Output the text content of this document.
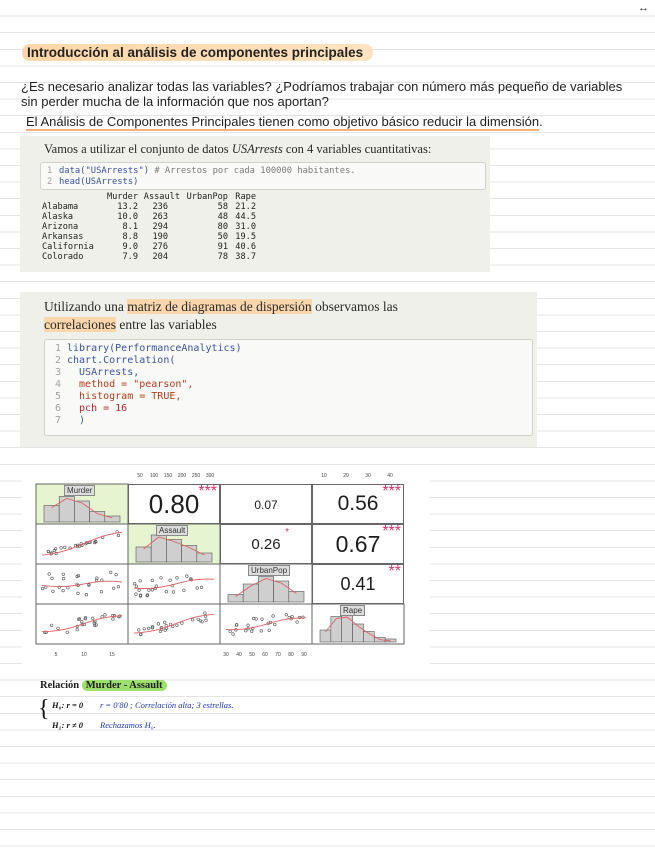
↔
Introducción al análisis de componentes principales
¿Es necesario analizar todas las variables? ¿Podríamos trabajar con número más pequeño de variables sin perder mucha de la información que nos aportan?
El Análisis de Componentes Principales tienen como objetivo básico reducir la dimensión.
Vamos a utilizar el conjunto de datos USArrests con 4 variables cuantitativas:
1 data("USArrests") # Arrestos por cada 100000 habitantes.
2 head(USArrests)
	Murder	Assault	UrbanPop	Rape
Alabama	13.2	236	58	21.2
Alaska	10.0	263	48	44.5
Arizona	8.1	294	80	31.0
Arkansas	8.8	190	50	19.5
California	9.0	276	91	40.6
Colorado	7.9	204	78	38.7
Utilizando una matriz de diagramas de dispersión observamos las
correlaciones entre las variables
1 library(PerformanceAnalytics)
2 chart.Correlation(
3  USArrests,
4  method = "pearson",
5  histogram = TRUE,
6  pch = 16
7  )
50 100 150 200 250 300	10	20	30	40
5	10	15	30 40 50 60 70 80 90
0.80 ***
0.07	0.56
***
0.26
*	0.67 ***
0.41
**
Murder
Assault
UrbanPop
Rape
Relación Murder - Assault
{ H₀: r = 0 r = 0'80 ; Correlación alta; 3 estrellas.
H₁: r ≠ 0 Rechazamos H₀.
